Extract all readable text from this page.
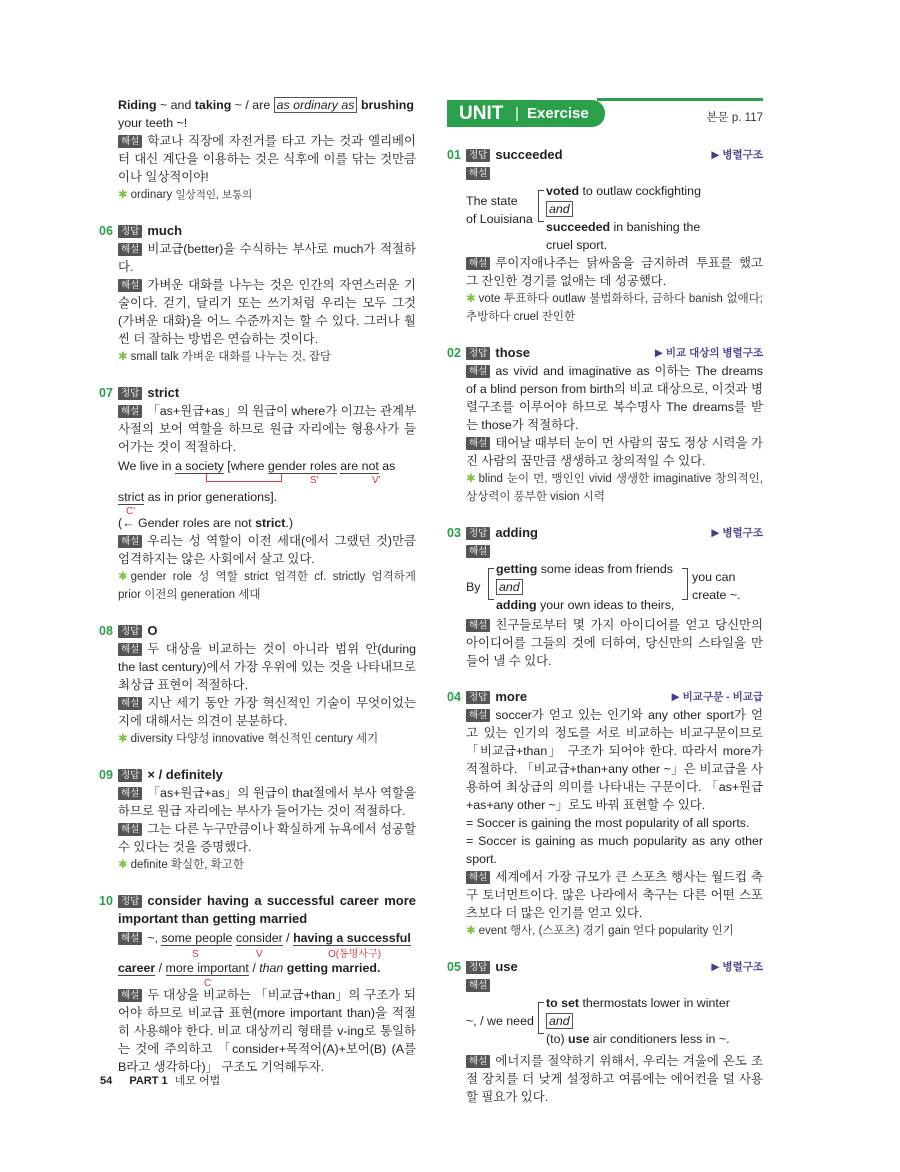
UNIT | Exercise	본문 p. 117

Riding ~ and taking ~ / are as ordinary as brushing

your teeth ~!

해설 학교나 직장에 자전거를 타고 가는 것과 엘리베이터 대신 계단을 이용하는 것은 식후에 이를 닦는 것만큼이나 일상적이야!

✱ ordinary 일상적인, 보통의

06 정답 much

해설 비교급(better)을 수식하는 부사로 much가 적절하다.

해설 가벼운 대화를 나누는 것은 인간의 자연스러운 기술이다. 걷기, 달리기 또는 쓰기처럼 우리는 모두 그것(가벼운 대화)을 어느 수준까지는 할 수 있다. 그러나 훨씬 더 잘하는 방법은 연습하는 것이다.

✱ small talk 가벼운 대화를 나누는 것, 잡담

07 정답 strict

해설 「as+원급+as」의 원급이 where가 이끄는 관계부사절의 보어 역할을 하므로 원급 자리에는 형용사가 들어가는 것이 적절하다.

We live in a society [where gender roles are not as

S'	V'

strict as in prior generations].

C'

(← Gender roles are not strict.)

해설 우리는 성 역할이 이전 세대(에서 그랬던 것)만큼 엄격하지는 않은 사회에서 살고 있다.

✱ gender role 성 역할 strict 엄격한 cf. strictly 엄격하게 prior 이전의 generation 세대

08 정답 O

해설 두 대상을 비교하는 것이 아니라 범위 안(during the last century)에서 가장 우위에 있는 것을 나타내므로 최상급 표현이 적절하다.

해설 지난 세기 동안 가장 혁신적인 기술이 무엇이었는지에 대해서는 의견이 분분하다.

✱ diversity 다양성 innovative 혁신적인 century 세기

09 정답 × / definitely

해설 「as+원급+as」의 원급이 that절에서 부사 역할을 하므로 원급 자리에는 부사가 들어가는 것이 적절하다.

해설 그는 다른 누구만큼이나 확실하게 뉴욕에서 성공할 수 있다는 것을 증명했다.

✱ definite 확실한, 확고한

10 정답 consider having a successful career more important than getting married

해설 ~, some people consider / having a successful

S	V	O(동명사구)

career / more important / than getting married.

C

해설 두 대상을 비교하는 「비교급+than」의 구조가 되어야 하므로 비교급 표현(more important than)을 적절히 사용해야 한다. 비교 대상끼리 형태를 v-ing로 통일하는 것에 주의하고 「consider+목적어(A)+보어(B) (A를 B라고 생각하다)」 구조도 기억해두자.

01	▶ 병렬구조

정답 succeeded

해설

The state
of Louisiana
voted to outlaw cockfighting
and
succeeded in banishing the
cruel sport.

해설 루이지애나주는 닭싸움을 금지하려 투표를 했고 그 잔인한 경기를 없애는 데 성공했다.

✱ vote 투표하다 outlaw 불법화하다, 금하다 banish 없애다; 추방하다 cruel 잔인한

02	▶ 비교 대상의 병렬구조

정답 those

해설 as vivid and imaginative as 이하는 The dreams of a blind person from birth의 비교 대상으로, 이것과 병렬구조를 이루어야 하므로 복수명사 The dreams를 받는 those가 적절하다.

해설 태어날 때부터 눈이 먼 사람의 꿈도 정상 시력을 가진 사람의 꿈만큼 생생하고 창의적일 수 있다.

✱ blind 눈이 먼, 맹인인 vivid 생생한 imaginative 창의적인, 상상력이 풍부한 vision 시력

03	▶ 병렬구조

정답 adding

해설

By
getting some ideas from friends
and
adding your own ideas to theirs,
you can
create ~.

해설 친구들로부터 몇 가지 아이디어를 얻고 당신만의 아이디어를 그들의 것에 더하여, 당신만의 스타일을 만들어 낼 수 있다.

04	▶ 비교구문 - 비교급

정답 more

해설 soccer가 얻고 있는 인기와 any other sport가 얻고 있는 인기의 정도를 서로 비교하는 비교구문이므로 「비교급+than」 구조가 되어야 한다. 따라서 more가 적절하다. 「비교급+than+any other ~」은 비교급을 사용하여 최상급의 의미를 나타내는 구문이다. 「as+원급+as+any other ~」로도 바꿔 표현할 수 있다.

= Soccer is gaining the most popularity of all sports.

= Soccer is gaining as much popularity as any other sport.

해설 세계에서 가장 규모가 큰 스포츠 행사는 월드컵 축구 토너먼트이다. 많은 나라에서 축구는 다른 어떤 스포츠보다 더 많은 인기를 얻고 있다.

✱ event 행사, (스포츠) 경기 gain 얻다 popularity 인기

05	▶ 병렬구조

정답 use

해설

~, / we need
to set thermostats lower in winter
and
(to) use air conditioners less in ~.

해설 에너지를 절약하기 위해서, 우리는 겨울에 온도 조절 장치를 더 낮게 설정하고 여름에는 에어컨을 덜 사용할 필요가 있다.

54 PART 1 네모 어법
